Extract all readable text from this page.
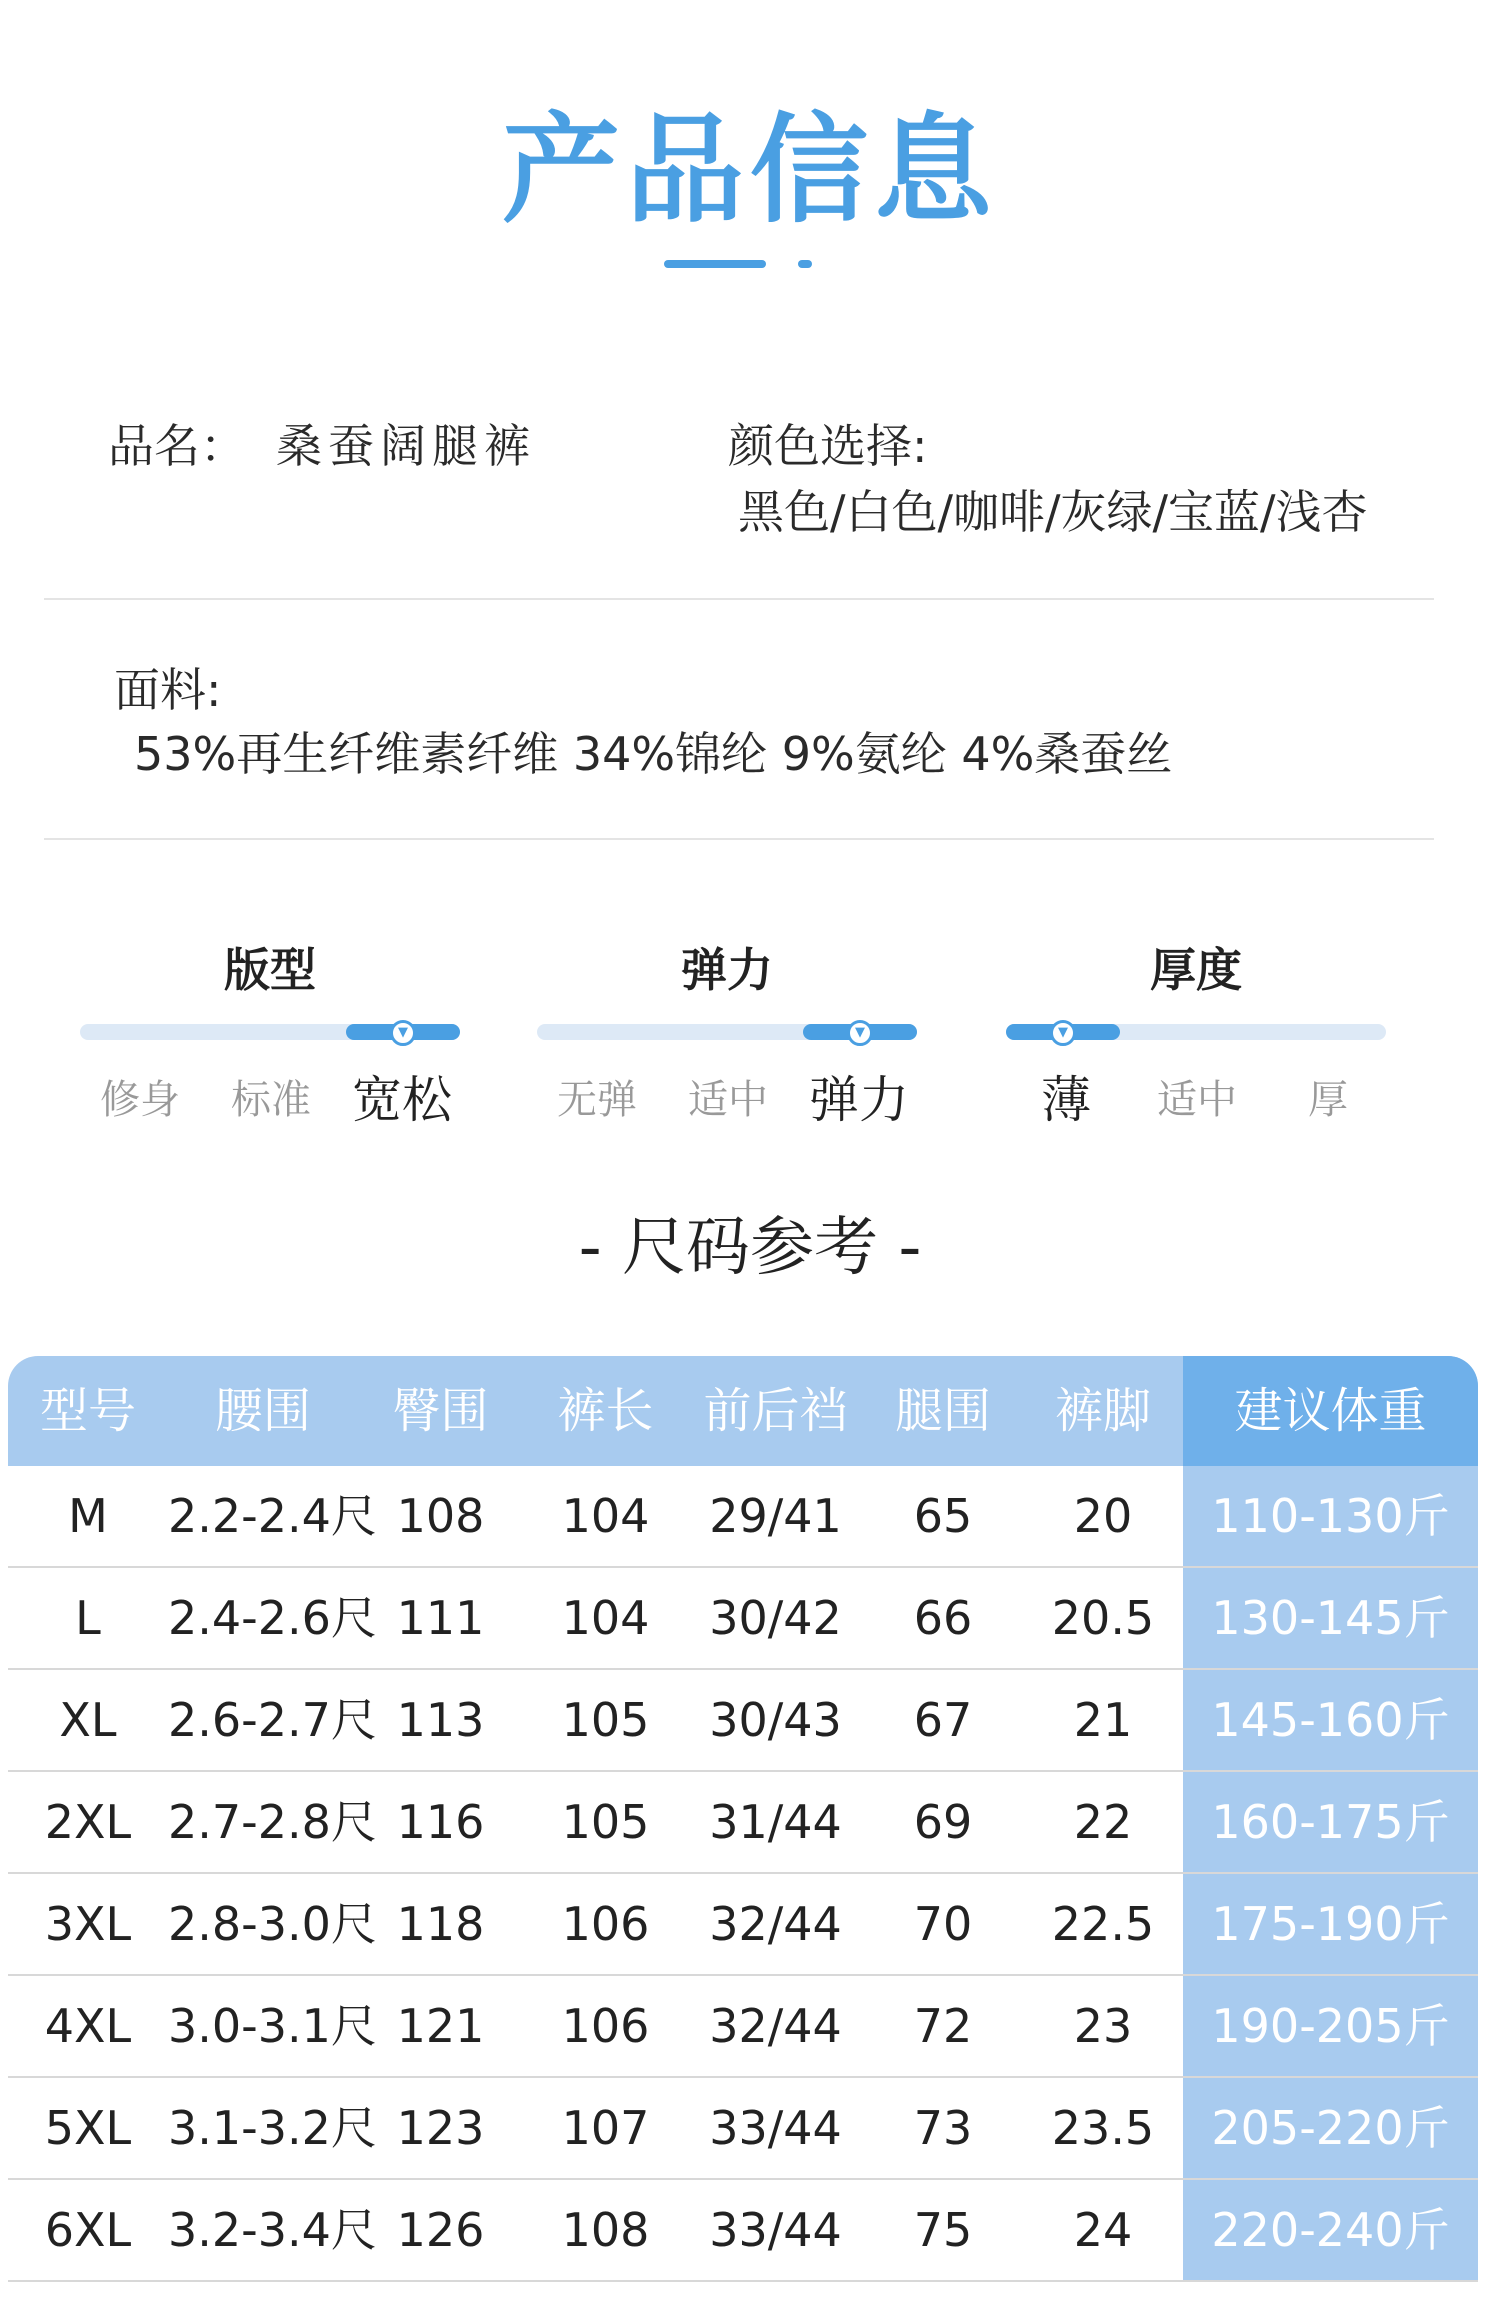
产品信息
品名： 桑蚕阔腿裤	颜色选择:
黑色/白色/咖啡/灰绿/宝蓝/浅杏
面料:
53%再生纤维素纤维 34%锦纶 9%氨纶 4%桑蚕丝
版型
▼
修身	标准 宽松
弹力
▼
无弹	适中 弹力
厚度
▼
薄	适中	厚
- 尺码参考 -
型号	腰围	臀围	裤长	前后裆 腿围	裤脚	建议体重
M	2.2-2.4尺 108	104	29/41	65	20	110-130斤
L	2.4-2.6尺 111	104	30/42	66	20.5	130-145斤
XL	2.6-2.7尺 113	105	30/43	67	21	145-160斤
2XL 2.7-2.8尺 116	105	31/44	69	22	160-175斤
3XL 2.8-3.0尺 118	106	32/44	70	22.5	175-190斤
4XL 3.0-3.1尺 121	106	32/44	72	23	190-205斤
5XL 3.1-3.2尺 123	107	33/44	73	23.5	205-220斤
6XL 3.2-3.4尺 126	108	33/44	75	24	220-240斤
